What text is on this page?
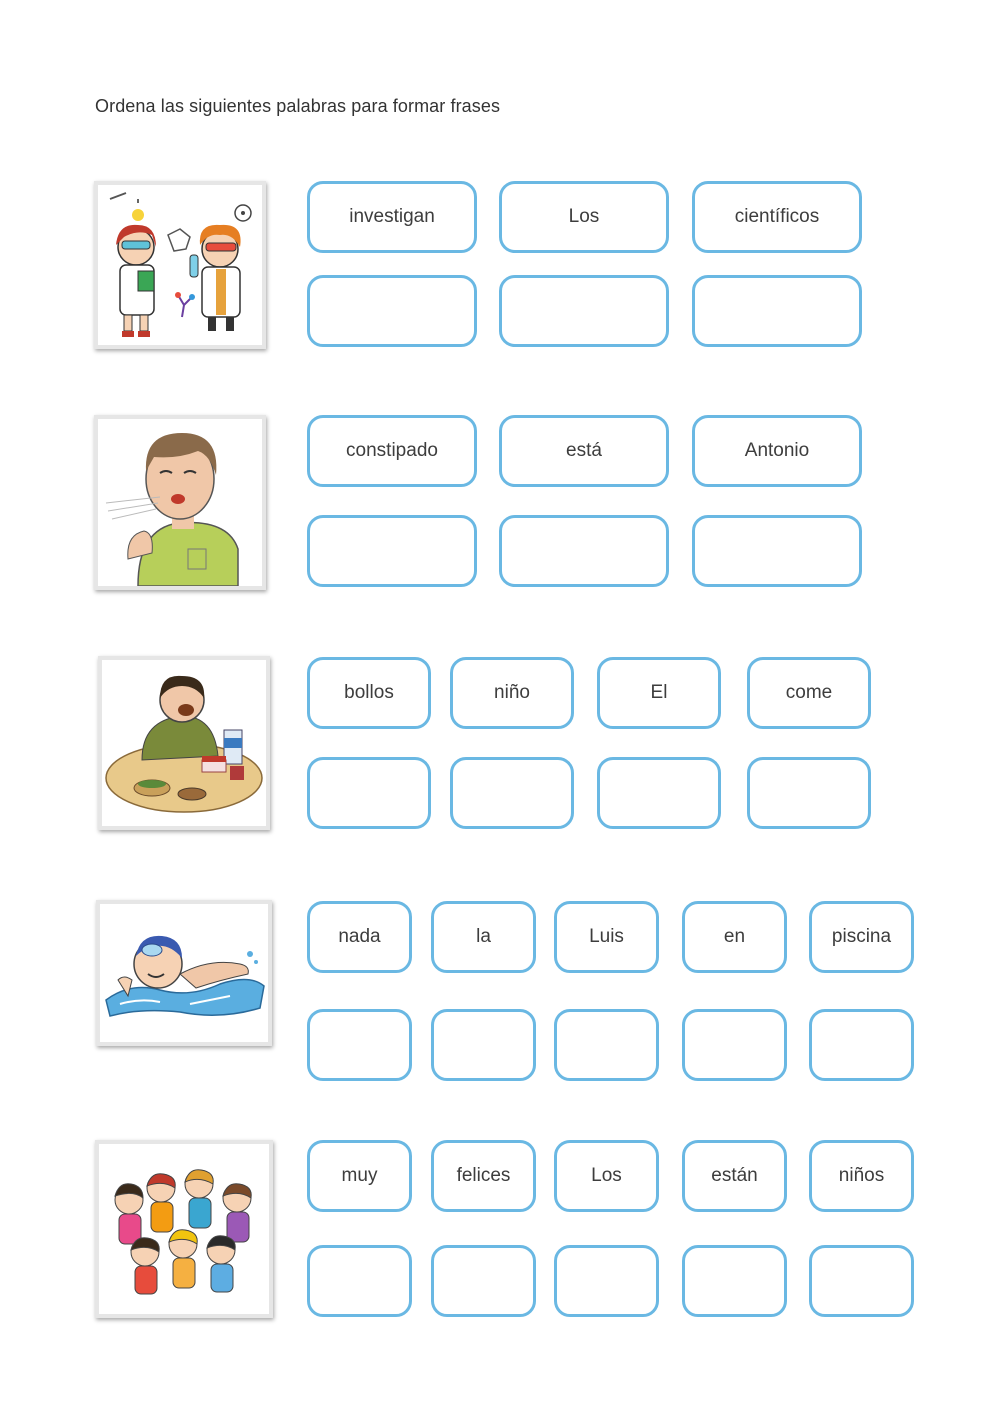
Ordena las siguientes palabras para formar frases
investigan	Los	científicos
constipado	está	Antonio
bollos	niño	El	come
nada	la	Luis	en	piscina
muy	felices	Los	están	niños
